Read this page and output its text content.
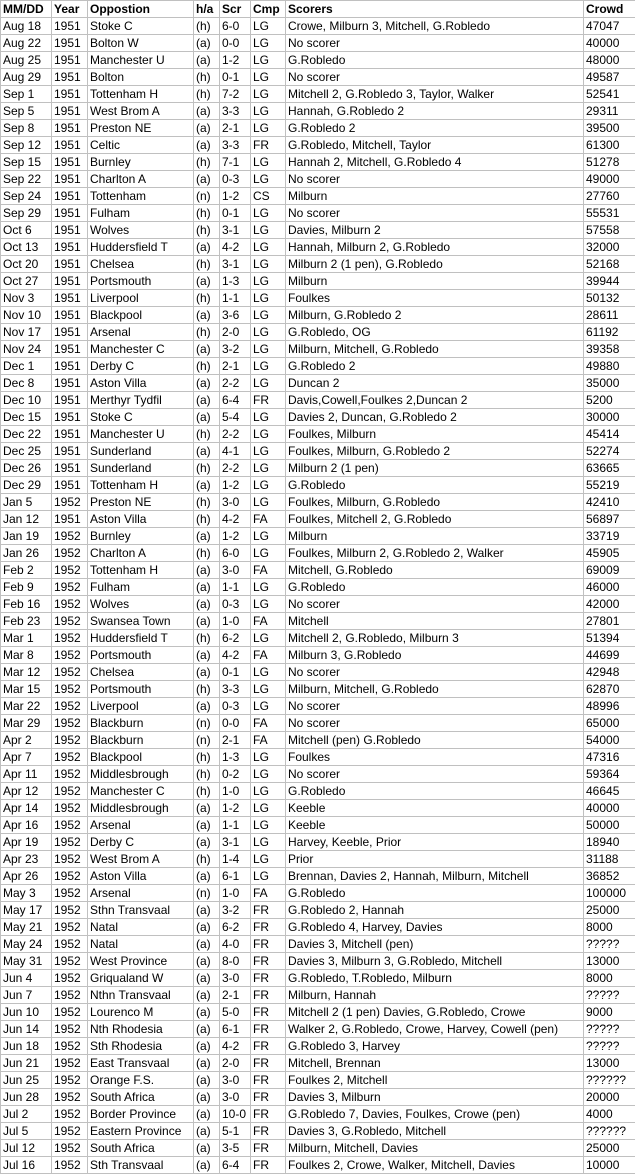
MM/DD	Year	Oppostion	h/a	Scr	Cmp	Scorers	Crowd
Aug 18	1951	Stoke C	(h)	6-0	LG	Crowe, Milburn 3, Mitchell, G.Robledo	47047
Aug 22	1951	Bolton W	(a)	0-0	LG	No scorer	40000
Aug 25	1951	Manchester U	(a)	1-2	LG	G.Robledo	48000
Aug 29	1951	Bolton	(h)	0-1	LG	No scorer	49587
Sep 1	1951	Tottenham H	(h)	7-2	LG	Mitchell 2, G.Robledo 3, Taylor, Walker	52541
Sep 5	1951	West Brom A	(a)	3-3	LG	Hannah, G.Robledo 2	29311
Sep 8	1951	Preston NE	(a)	2-1	LG	G.Robledo 2	39500
Sep 12	1951	Celtic	(a)	3-3	FR	G.Robledo, Mitchell, Taylor	61300
Sep 15	1951	Burnley	(h)	7-1	LG	Hannah 2, Mitchell, G.Robledo 4	51278
Sep 22	1951	Charlton A	(a)	0-3	LG	No scorer	49000
Sep 24	1951	Tottenham	(n)	1-2	CS	Milburn	27760
Sep 29	1951	Fulham	(h)	0-1	LG	No scorer	55531
Oct 6	1951	Wolves	(h)	3-1	LG	Davies, Milburn 2	57558
Oct 13	1951	Huddersfield T	(a)	4-2	LG	Hannah, Milburn 2, G.Robledo	32000
Oct 20	1951	Chelsea	(h)	3-1	LG	Milburn 2 (1 pen), G.Robledo	52168
Oct 27	1951	Portsmouth	(a)	1-3	LG	Milburn	39944
Nov 3	1951	Liverpool	(h)	1-1	LG	Foulkes	50132
Nov 10	1951	Blackpool	(a)	3-6	LG	Milburn, G.Robledo 2	28611
Nov 17	1951	Arsenal	(h)	2-0	LG	G.Robledo, OG	61192
Nov 24	1951	Manchester C	(a)	3-2	LG	Milburn, Mitchell, G.Robledo	39358
Dec 1	1951	Derby C	(h)	2-1	LG	G.Robledo 2	49880
Dec 8	1951	Aston Villa	(a)	2-2	LG	Duncan 2	35000
Dec 10	1951	Merthyr Tydfil	(a)	6-4	FR	Davis,Cowell,Foulkes 2,Duncan 2	5200
Dec 15	1951	Stoke C	(a)	5-4	LG	Davies 2, Duncan, G.Robledo 2	30000
Dec 22	1951	Manchester U	(h)	2-2	LG	Foulkes, Milburn	45414
Dec 25	1951	Sunderland	(a)	4-1	LG	Foulkes, Milburn, G.Robledo 2	52274
Dec 26	1951	Sunderland	(h)	2-2	LG	Milburn 2 (1 pen)	63665
Dec 29	1951	Tottenham H	(a)	1-2	LG	G.Robledo	55219
Jan 5	1952	Preston NE	(h)	3-0	LG	Foulkes, Milburn, G.Robledo	42410
Jan 12	1951	Aston Villa	(h)	4-2	FA	Foulkes, Mitchell 2, G.Robledo	56897
Jan 19	1952	Burnley	(a)	1-2	LG	Milburn	33719
Jan 26	1952	Charlton A	(h)	6-0	LG	Foulkes, Milburn 2, G.Robledo 2, Walker	45905
Feb 2	1952	Tottenham H	(a)	3-0	FA	Mitchell, G.Robledo	69009
Feb 9	1952	Fulham	(a)	1-1	LG	G.Robledo	46000
Feb 16	1952	Wolves	(a)	0-3	LG	No scorer	42000
Feb 23	1952	Swansea Town	(a)	1-0	FA	Mitchell	27801
Mar 1	1952	Huddersfield T	(h)	6-2	LG	Mitchell 2, G.Robledo, Milburn 3	51394
Mar 8	1952	Portsmouth	(a)	4-2	FA	Milburn 3, G.Robledo	44699
Mar 12	1952	Chelsea	(a)	0-1	LG	No scorer	42948
Mar 15	1952	Portsmouth	(h)	3-3	LG	Milburn, Mitchell, G.Robledo	62870
Mar 22	1952	Liverpool	(a)	0-3	LG	No scorer	48996
Mar 29	1952	Blackburn	(n)	0-0	FA	No scorer	65000
Apr 2	1952	Blackburn	(n)	2-1	FA	Mitchell (pen) G.Robledo	54000
Apr 7	1952	Blackpool	(h)	1-3	LG	Foulkes	47316
Apr 11	1952	Middlesbrough	(h)	0-2	LG	No scorer	59364
Apr 12	1952	Manchester C	(h)	1-0	LG	G.Robledo	46645
Apr 14	1952	Middlesbrough	(a)	1-2	LG	Keeble	40000
Apr 16	1952	Arsenal	(a)	1-1	LG	Keeble	50000
Apr 19	1952	Derby C	(a)	3-1	LG	Harvey, Keeble, Prior	18940
Apr 23	1952	West Brom A	(h)	1-4	LG	Prior	31188
Apr 26	1952	Aston Villa	(a)	6-1	LG	Brennan, Davies 2, Hannah, Milburn, Mitchell	36852
May 3	1952	Arsenal	(n)	1-0	FA	G.Robledo	100000
May 17	1952	Sthn Transvaal	(a)	3-2	FR	G.Robledo 2, Hannah	25000
May 21	1952	Natal	(a)	6-2	FR	G.Robledo 4, Harvey, Davies	8000
May 24	1952	Natal	(a)	4-0	FR	Davies 3, Mitchell (pen)	?????
May 31	1952	West Province	(a)	8-0	FR	Davies 3, Milburn 3, G.Robledo, Mitchell	13000
Jun 4	1952	Griqualand W	(a)	3-0	FR	G.Robledo, T.Robledo, Milburn	8000
Jun 7	1952	Nthn Transvaal	(a)	2-1	FR	Milburn, Hannah	?????
Jun 10	1952	Lourenco M	(a)	5-0	FR	Mitchell 2 (1 pen) Davies, G.Robledo, Crowe	9000
Jun 14	1952	Nth Rhodesia	(a)	6-1	FR	Walker 2, G.Robledo, Crowe, Harvey, Cowell (pen)	?????
Jun 18	1952	Sth Rhodesia	(a)	4-2	FR	G.Robledo 3, Harvey	?????
Jun 21	1952	East Transvaal	(a)	2-0	FR	Mitchell, Brennan	13000
Jun 25	1952	Orange F.S.	(a)	3-0	FR	Foulkes 2, Mitchell	??????
Jun 28	1952	South Africa	(a)	3-0	FR	Davies 3, Milburn	20000
Jul 2	1952	Border Province	(a)	10-0	FR	G.Robledo 7, Davies, Foulkes, Crowe (pen)	4000
Jul 5	1952	Eastern Province	(a)	5-1	FR	Davies 3, G.Robledo, Mitchell	??????
Jul 12	1952	South Africa	(a)	3-5	FR	Milburn, Mitchell, Davies	25000
Jul 16	1952	Sth Transvaal	(a)	6-4	FR	Foulkes 2, Crowe, Walker, Mitchell, Davies	10000
